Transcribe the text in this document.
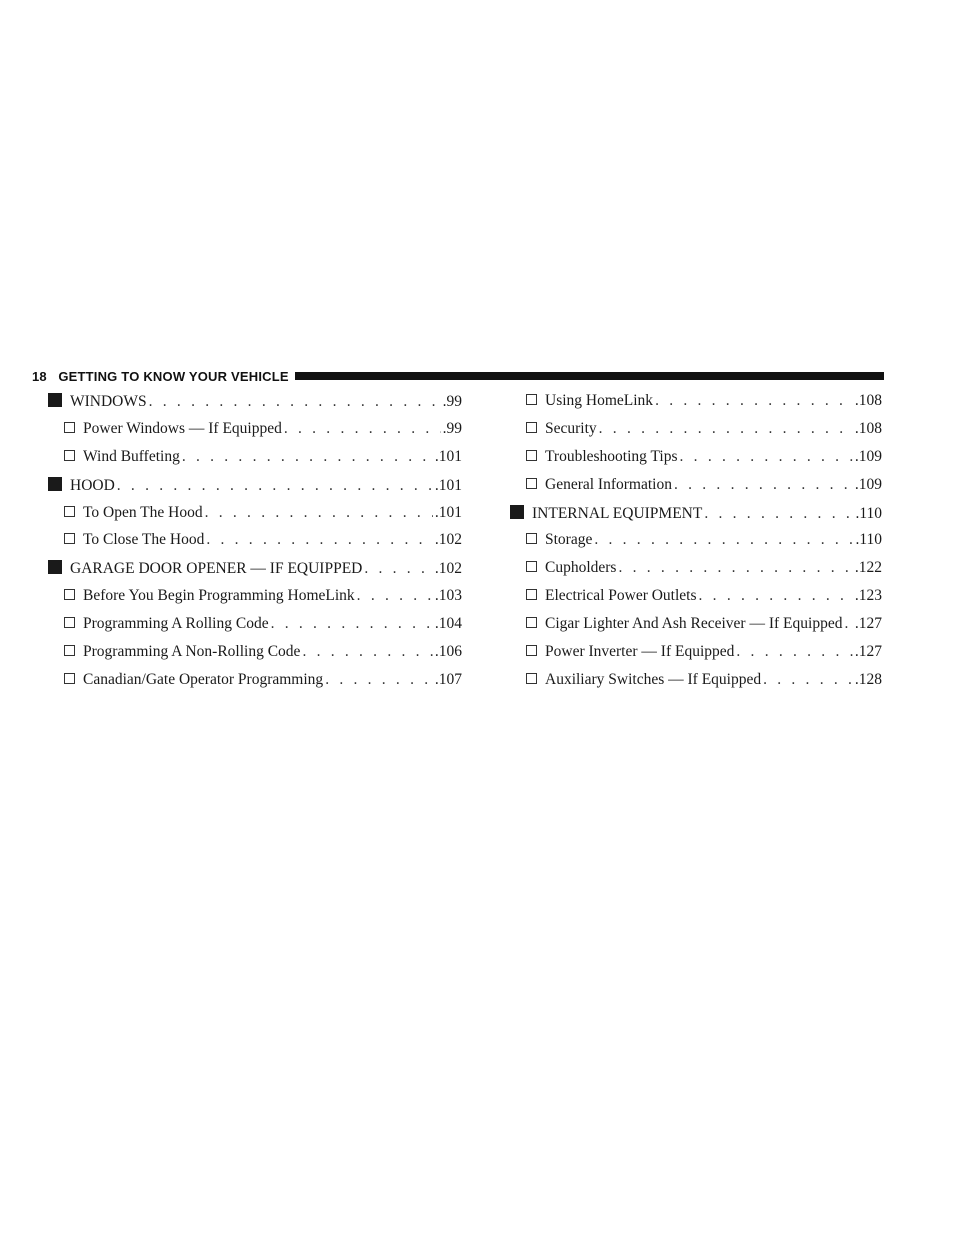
18 GETTING TO KNOW YOUR VEHICLE
WINDOWS . . .	. 99
Power Windows — If Equipped . . .	. 99
Wind Buffeting . . .	. 101
HOOD . . .	. 101
To Open The Hood . . .	. 101
To Close The Hood . . .	. 102
GARAGE DOOR OPENER — IF EQUIPPED . . .	. 102
Before You Begin Programming HomeLink . . .	. 103
Programming A Rolling Code . . .	. 104
Programming A Non-Rolling Code . . .	. 106
Canadian/Gate Operator Programming . . .	. 107
Using HomeLink . . .	. 108
Security . . .	. 108
Troubleshooting Tips . . .	. 109
General Information . . .	. 109
INTERNAL EQUIPMENT . . .	. 110
Storage . . .	. 110
Cupholders . . .	. 122
Electrical Power Outlets . . .	. 123
Cigar Lighter And Ash Receiver — If Equipped . . . . 127
Power Inverter — If Equipped . . .	. 127
Auxiliary Switches — If Equipped . . .	. 128
